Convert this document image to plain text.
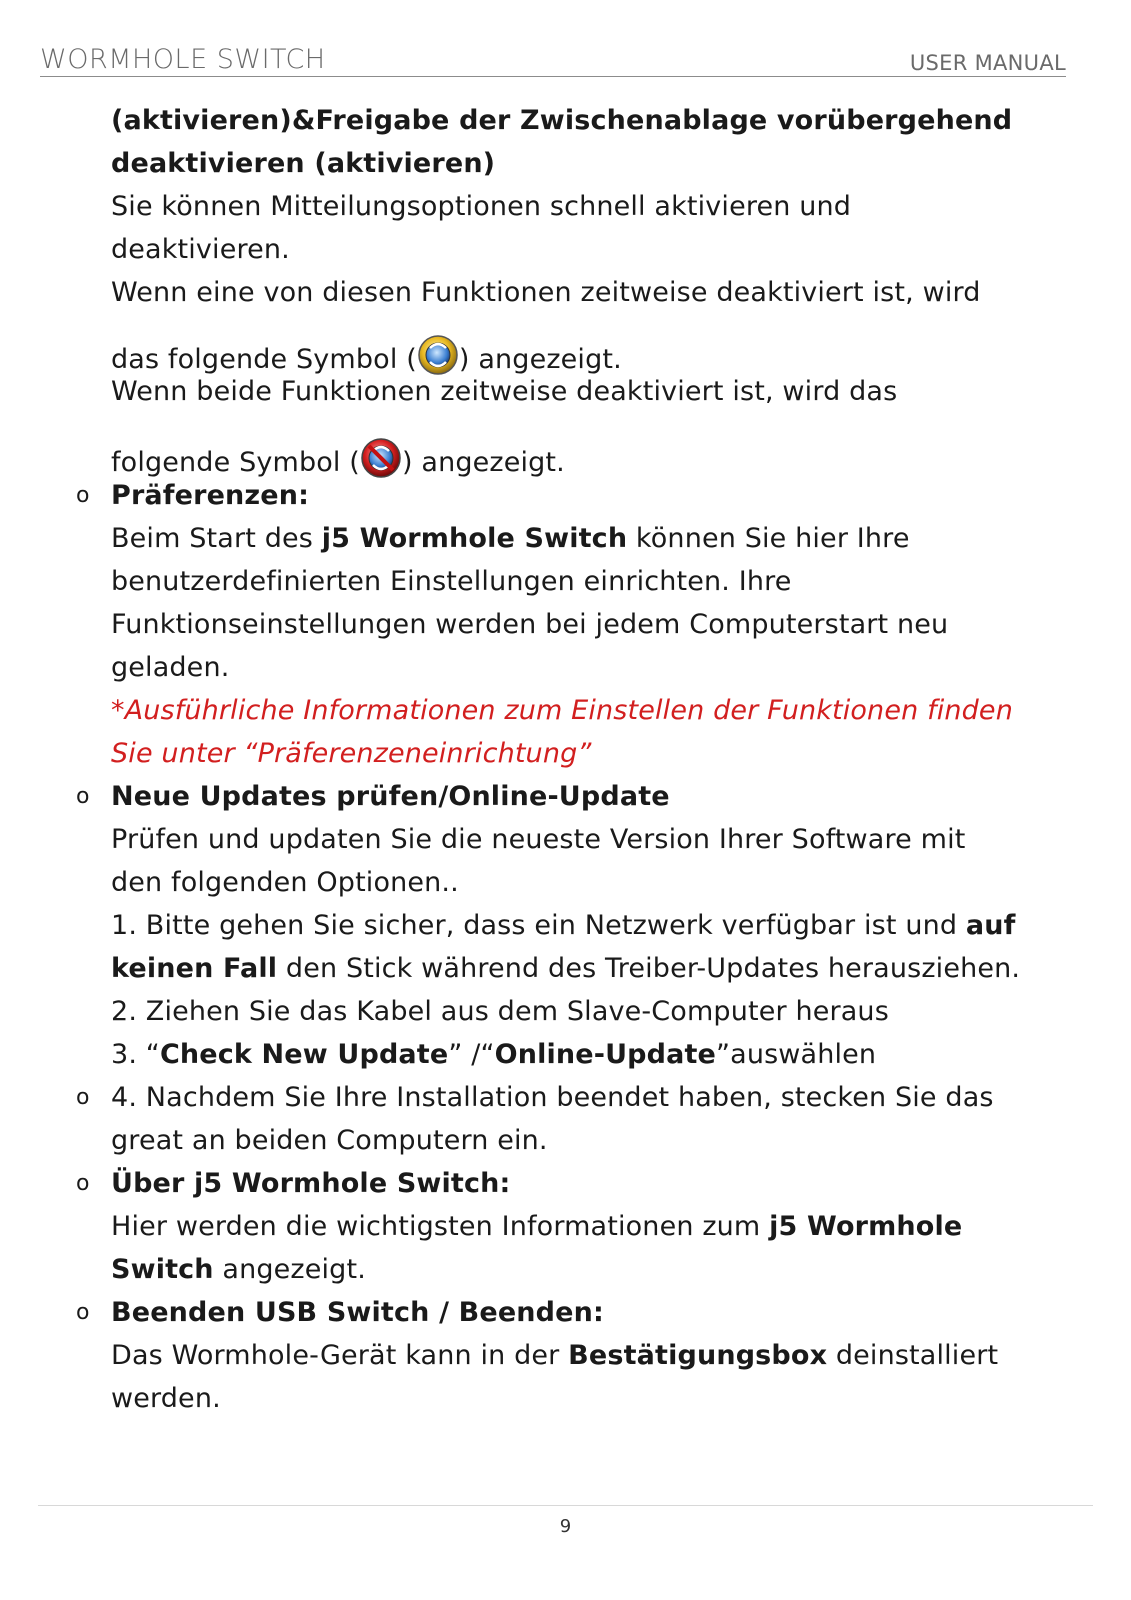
WORMHOLE SWITCH	USER MANUAL
(aktivieren)&Freigabe der Zwischenablage vorübergehend
deaktivieren (aktivieren)
Sie können Mitteilungsoptionen schnell aktivieren und
deaktivieren.
Wenn eine von diesen Funktionen zeitweise deaktiviert ist, wird
das folgende Symbol ( ) angezeigt.
Wenn beide Funktionen zeitweise deaktiviert ist, wird das
folgende Symbol ( ) angezeigt.
o Präferenzen:
Beim Start des j5 Wormhole Switch können Sie hier Ihre
benutzerdefinierten Einstellungen einrichten. Ihre
Funktionseinstellungen werden bei jedem Computerstart neu
geladen.
*Ausführliche Informationen zum Einstellen der Funktionen finden
Sie unter “Präferenzeneinrichtung”
o Neue Updates prüfen/Online-Update
Prüfen und updaten Sie die neueste Version Ihrer Software mit
den folgenden Optionen..
1. Bitte gehen Sie sicher, dass ein Netzwerk verfügbar ist und auf
keinen Fall den Stick während des Treiber-Updates herausziehen.
2. Ziehen Sie das Kabel aus dem Slave-Computer heraus
3. “Check New Update” /“Online-Update”auswählen
o 4. Nachdem Sie Ihre Installation beendet haben, stecken Sie das
great an beiden Computern ein.
o Über j5 Wormhole Switch:
Hier werden die wichtigsten Informationen zum j5 Wormhole
Switch angezeigt.
o Beenden USB Switch / Beenden:
Das Wormhole-Gerät kann in der Bestätigungsbox deinstalliert
werden.
9
